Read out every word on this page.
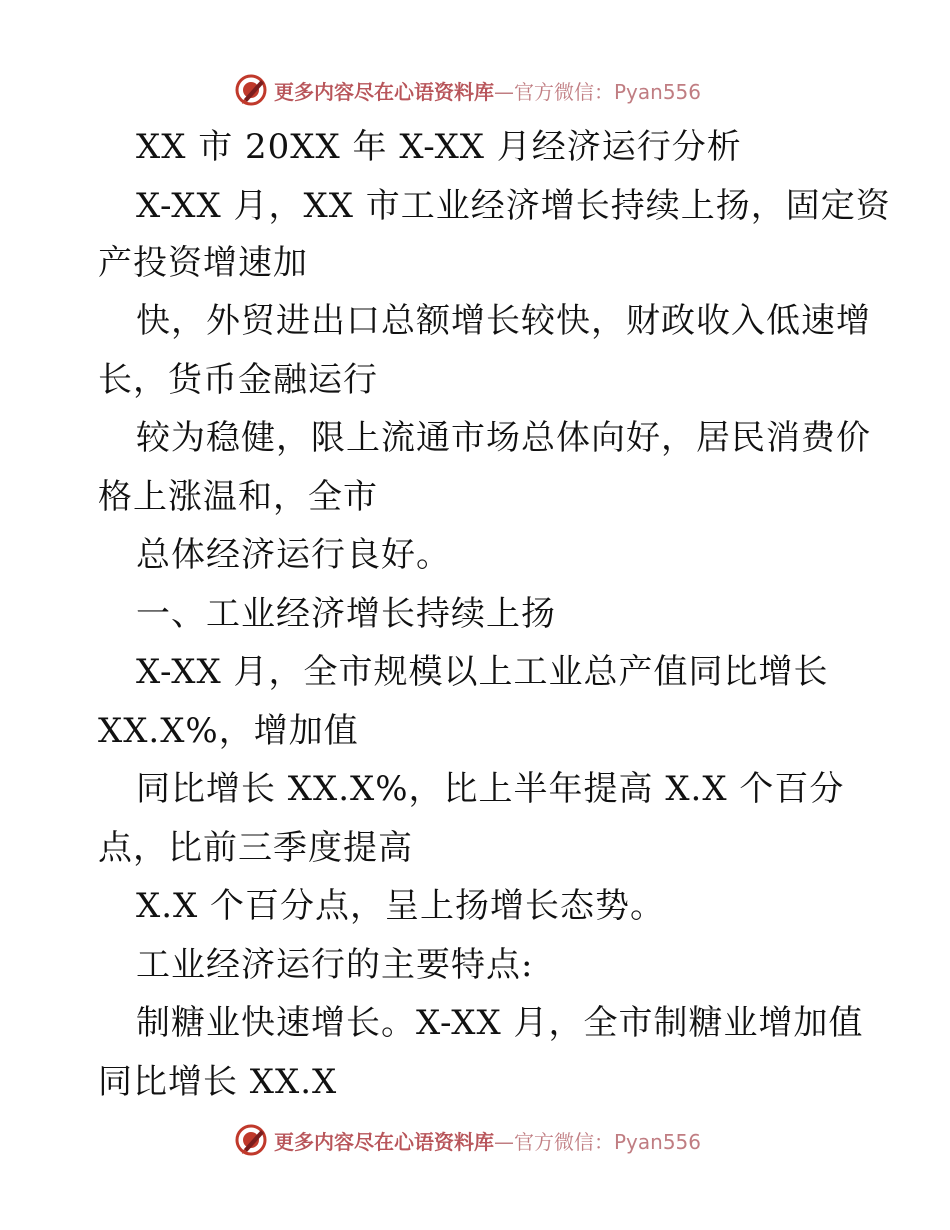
更多内容尽在心语资料库 —官方微信：Pyan556
XX 市 20XX 年 X-XX 月经济运行分析
X-XX 月，XX 市工业经济增长持续上扬，固定资
产投资增速加
快，外贸进出口总额增长较快，财政收入低速增
长，货币金融运行
较为稳健，限上流通市场总体向好，居民消费价
格上涨温和，全市
总体经济运行良好。
一、工业经济增长持续上扬
X-XX 月，全市规模以上工业总产值同比增长
XX.X%，增加值
同比增长 XX.X%，比上半年提高 X.X 个百分
点，比前三季度提高
X.X 个百分点，呈上扬增长态势。
工业经济运行的主要特点:
制糖业快速增长。X-XX 月，全市制糖业增加值
同比增长 XX.X
更多内容尽在心语资料库 —官方微信：Pyan556
